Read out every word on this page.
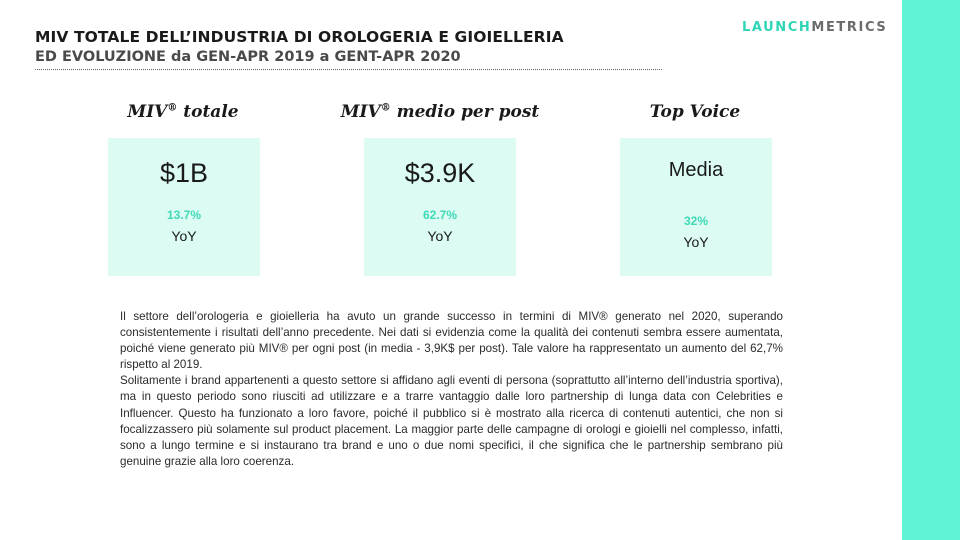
LAUNCHMETRICS
MIV TOTALE DELL’INDUSTRIA DI OROLOGERIA E GIOIELLERIA
ED EVOLUZIONE da GEN-APR 2019 a GENT-APR 2020
MIV® totale
$1B
13.7%
YoY
MIV® medio per post
$3.9K
62.7%
YoY
Top Voice
Media
32%
YoY

Il settore dell’orologeria e gioielleria ha avuto un grande successo in termini di MIV® generato nel 2020, superando consistentemente i risultati dell’anno precedente. Nei dati si evidenzia come la qualità dei contenuti sembra essere aumentata, poiché viene generato più MIV® per ogni post (in media - 3,9K$ per post). Tale valore ha rappresentato un aumento del 62,7% rispetto al 2019.

Solitamente i brand appartenenti a questo settore si affidano agli eventi di persona (soprattutto all’interno dell’industria sportiva), ma in questo periodo sono riusciti ad utilizzare e a trarre vantaggio dalle loro partnership di lunga data con Celebrities e Influencer. Questo ha funzionato a loro favore, poiché il pubblico si è mostrato alla ricerca di contenuti autentici, che non si focalizzassero più solamente sul product placement. La maggior parte delle campagne di orologi e gioielli nel complesso, infatti, sono a lungo termine e si instaurano tra brand e uno o due nomi specifici, il che significa che le partnership sembrano più genuine grazie alla loro coerenza.
